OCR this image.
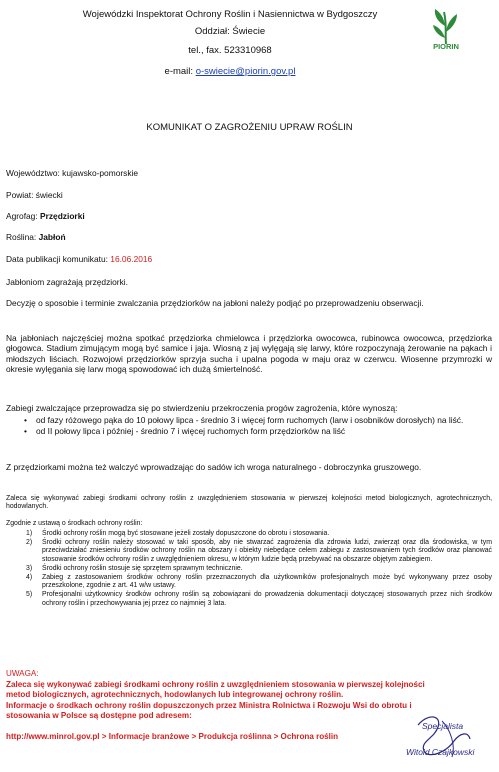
Wojewódzki Inspektorat Ochrony Roślin i Nasiennictwa w Bydgoszczy
Oddział: Świecie
tel., fax. 523310968
e-mail: o-swiecie@piorin.gov.pl
PIORIN
KOMUNIKAT O ZAGROŻENIU UPRAW ROŚLIN
Województwo: kujawsko-pomorskie
Powiat: świecki
Agrofag: Przędziorki
Roślina: Jabłoń
Data publikacji komunikatu: 16.06.2016
Jabłoniom zagrażają przędziorki.
Decyzję o sposobie i terminie zwalczania przędziorków na jabłoni należy podjąć po przeprowadzeniu obserwacji.
Na jabłoniach najczęściej można spotkać przędziorka chmielowca i przędziorka owocowca, rubinowca owocowca, przędziorka głogowca. Stadium zimującym mogą być samice i jaja. Wiosną z jaj wylęgają się larwy, które rozpoczynają żerowanie na pąkach i młodszych liściach. Rozwojowi przędziorków sprzyja sucha i upalna pogoda w maju oraz w czerwcu. Wiosenne przymrozki w okresie wylęgania się larw mogą spowodować ich dużą śmiertelność.
Zabiegi zwalczające przeprowadza się po stwierdzeniu przekroczenia progów zagrożenia, które wynoszą:
• od fazy różowego pąka do 10 połowy lipca - średnio 3 i więcej form ruchomych (larw i osobników dorosłych) na liść.
• od II połowy lipca i później - średnio 7 i więcej ruchomych form przędziorków na liść
Z przędziorkami można też walczyć wprowadzając do sadów ich wroga naturalnego - dobroczynka gruszowego.
Zaleca się wykonywać zabiegi środkami ochrony roślin z uwzględnieniem stosowania w pierwszej kolejności metod biologicznych, agrotechnicznych, hodowlanych.
Zgodnie z ustawą o środkach ochrony roślin:
1) Środki ochrony roślin mogą być stosowane jeżeli zostały dopuszczone do obrotu i stosowania.
2) Środki ochrony roślin należy stosować w taki sposób, aby nie stwarzać zagrożenia dla zdrowia ludzi, zwierząt oraz dla środowiska, w tym przeciwdziałać zniesieniu środków ochrony roślin na obszary i obiekty niebędące celem zabiegu z zastosowaniem tych środków oraz planować stosowanie środków ochrony roślin z uwzględnieniem okresu, w którym ludzie będą przebywać na obszarze objętym zabiegiem.
3) Środki ochrony roślin stosuje się sprzętem sprawnym technicznie.
4) Zabieg z zastosowaniem środków ochrony roślin przeznaczonych dla użytkowników profesjonalnych może być wykonywany przez osoby przeszkolone, zgodnie z art. 41 w/w ustawy.
5) Profesjonalni użytkownicy środków ochrony roślin są zobowiązani do prowadzenia dokumentacji dotyczącej stosowanych przez nich środków ochrony roślin i przechowywania jej przez co najmniej 3 lata.
UWAGA:
Zaleca się wykonywać zabiegi środkami ochrony roślin z uwzględnieniem stosowania w pierwszej kolejności metod biologicznych, agrotechnicznych, hodowlanych lub integrowanej ochrony roślin.
Informacje o środkach ochrony roślin dopuszczonych przez Ministra Rolnictwa i Rozwoju Wsi do obrotu i stosowania w Polsce są dostępne pod adresem:
http://www.minrol.gov.pl > Informacje branżowe > Produkcja roślinna > Ochrona roślin
Specjalista
Witold Czajkowski
